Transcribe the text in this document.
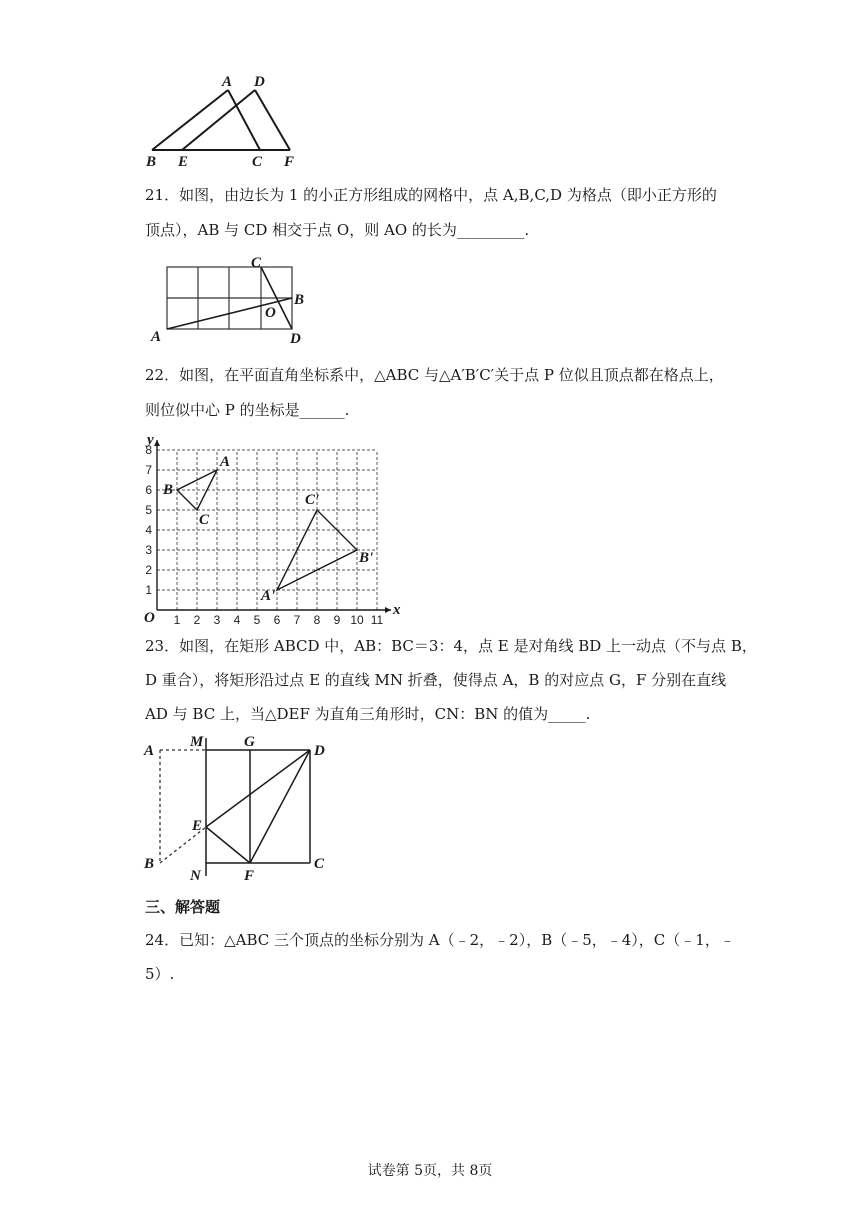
A D
B E	C F
21．如图，由边长为 1 的小正方形组成的网格中，点 A,B,C,D 为格点（即小正方形的
顶点），AB 与 CD 相交于点 O，则 AO 的长为_________.
C
B
O
A	D
22．如图，在平面直角坐标系中，△ABC 与△A′B′C′关于点 P 位似且顶点都在格点上，
则位似中心 P 的坐标是______.
x
y
O 1 2 3 4 5 6 7 8 9 10 11
1
2
3
4
5
6
7
8
A
B
C
C'
B'
A'
23．如图，在矩形 ABCD 中，AB：BC＝3：4，点 E 是对角线 BD 上一动点（不与点 B，
D 重合），将矩形沿过点 E 的直线 MN 折叠，使得点 A，B 的对应点 G，F 分别在直线
AD 与 BC 上，当△DEF 为直角三角形时，CN：BN 的值为_____.
A
M	G
D
E
B
N	F
C
三、解答题
24．已知：△ABC 三个顶点的坐标分别为 A（﹣2，﹣2），B（﹣5，﹣4），C（﹣1，﹣
5）.
试卷第 5页，共 8页
